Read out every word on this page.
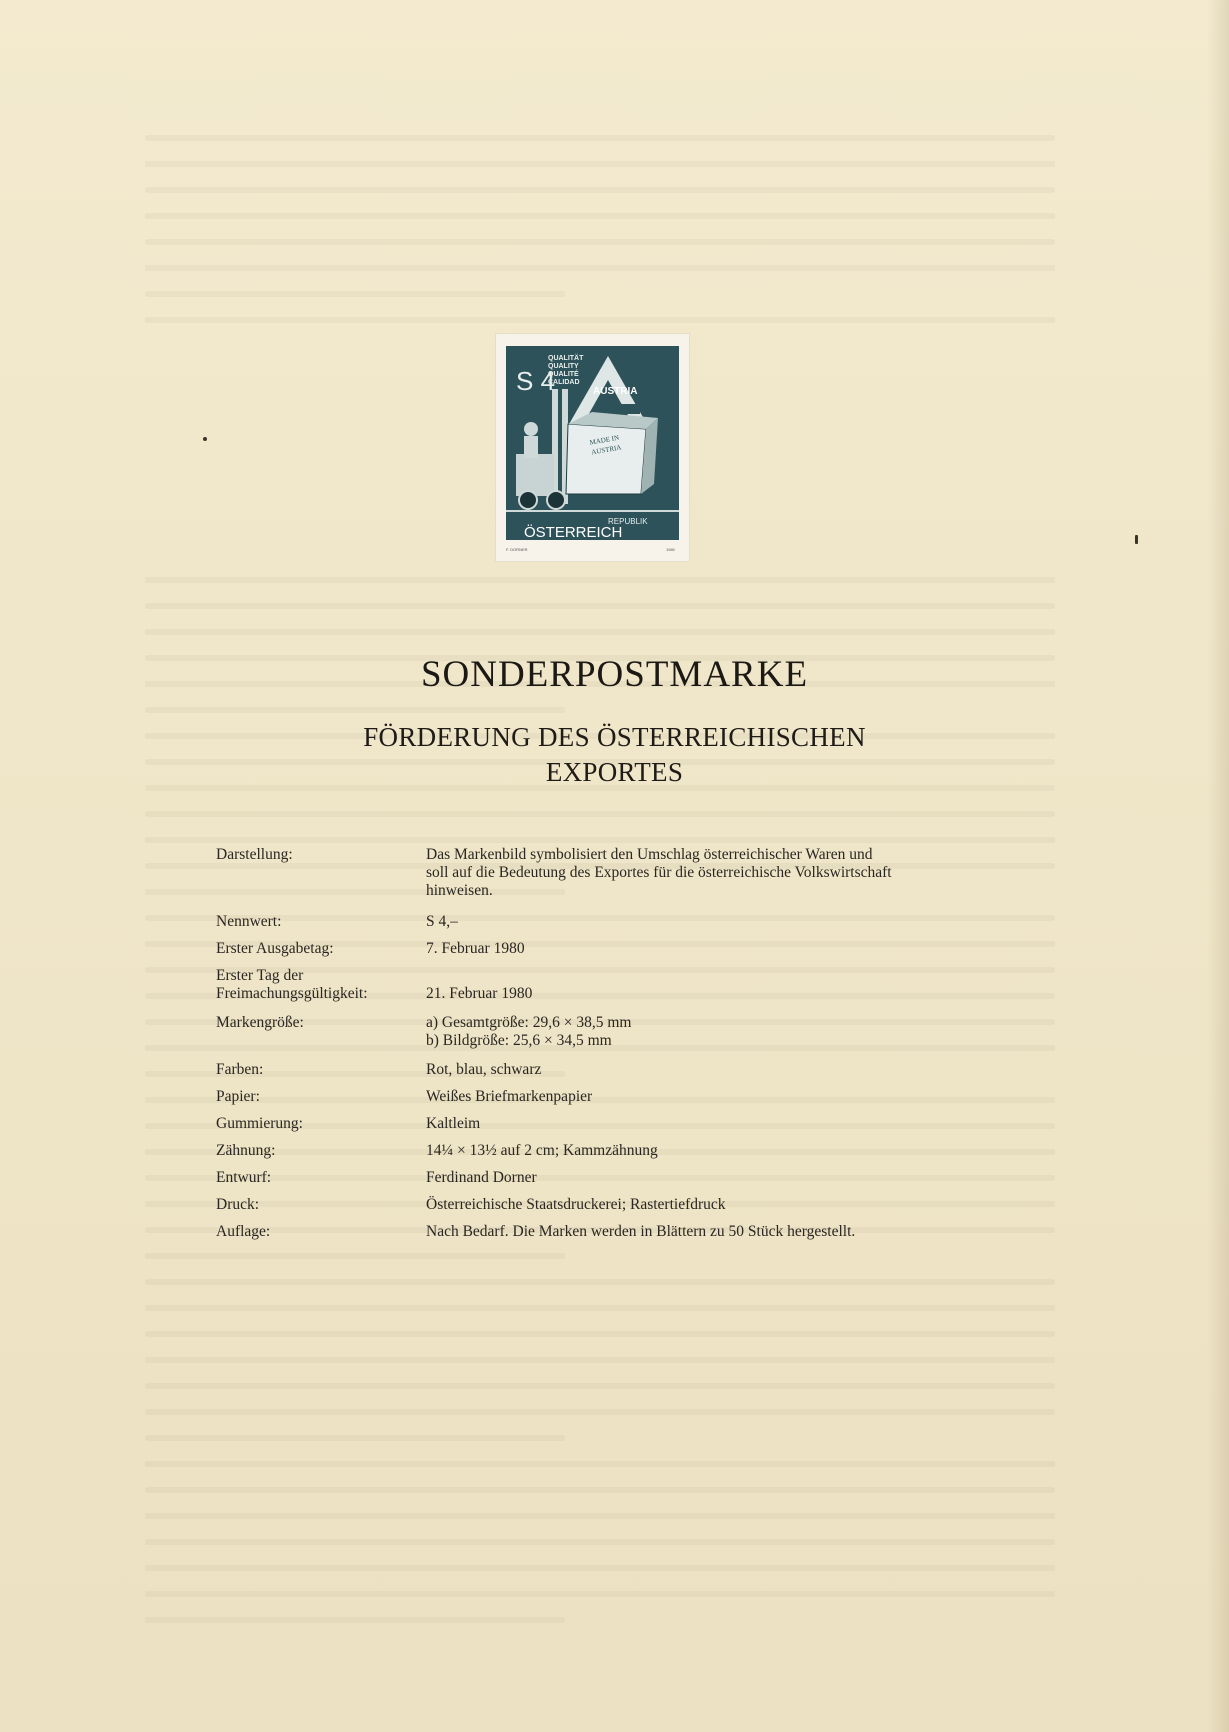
S 4
QUALITÄT
QUALITY
QUALITÉ
CALIDAD
AUSTRIA
MADE IN
AUSTRIA
REPUBLIK
ÖSTERREICH
F. DORNER	1980
SONDERPOSTMARKE
FÖRDERUNG DES ÖSTERREICHISCHEN
EXPORTES
Darstellung:	Das Markenbild symbolisiert den Umschlag österreichischer Waren und
soll auf die Bedeutung des Exportes für die österreichische Volkswirtschaft
hinweisen.
Nennwert:	S 4,–
Erster Ausgabetag:	7. Februar 1980
Erster Tag der
Freimachungsgültigkeit:	21. Februar 1980
Markengröße:	a) Gesamtgröße: 29,6 × 38,5 mm
b) Bildgröße: 25,6 × 34,5 mm
Farben:	Rot, blau, schwarz
Papier:	Weißes Briefmarkenpapier
Gummierung:	Kaltleim
Zähnung:	14¼ × 13½ auf 2 cm; Kammzähnung
Entwurf:	Ferdinand Dorner
Druck:	Österreichische Staatsdruckerei; Rastertiefdruck
Auflage:	Nach Bedarf. Die Marken werden in Blättern zu 50 Stück hergestellt.
